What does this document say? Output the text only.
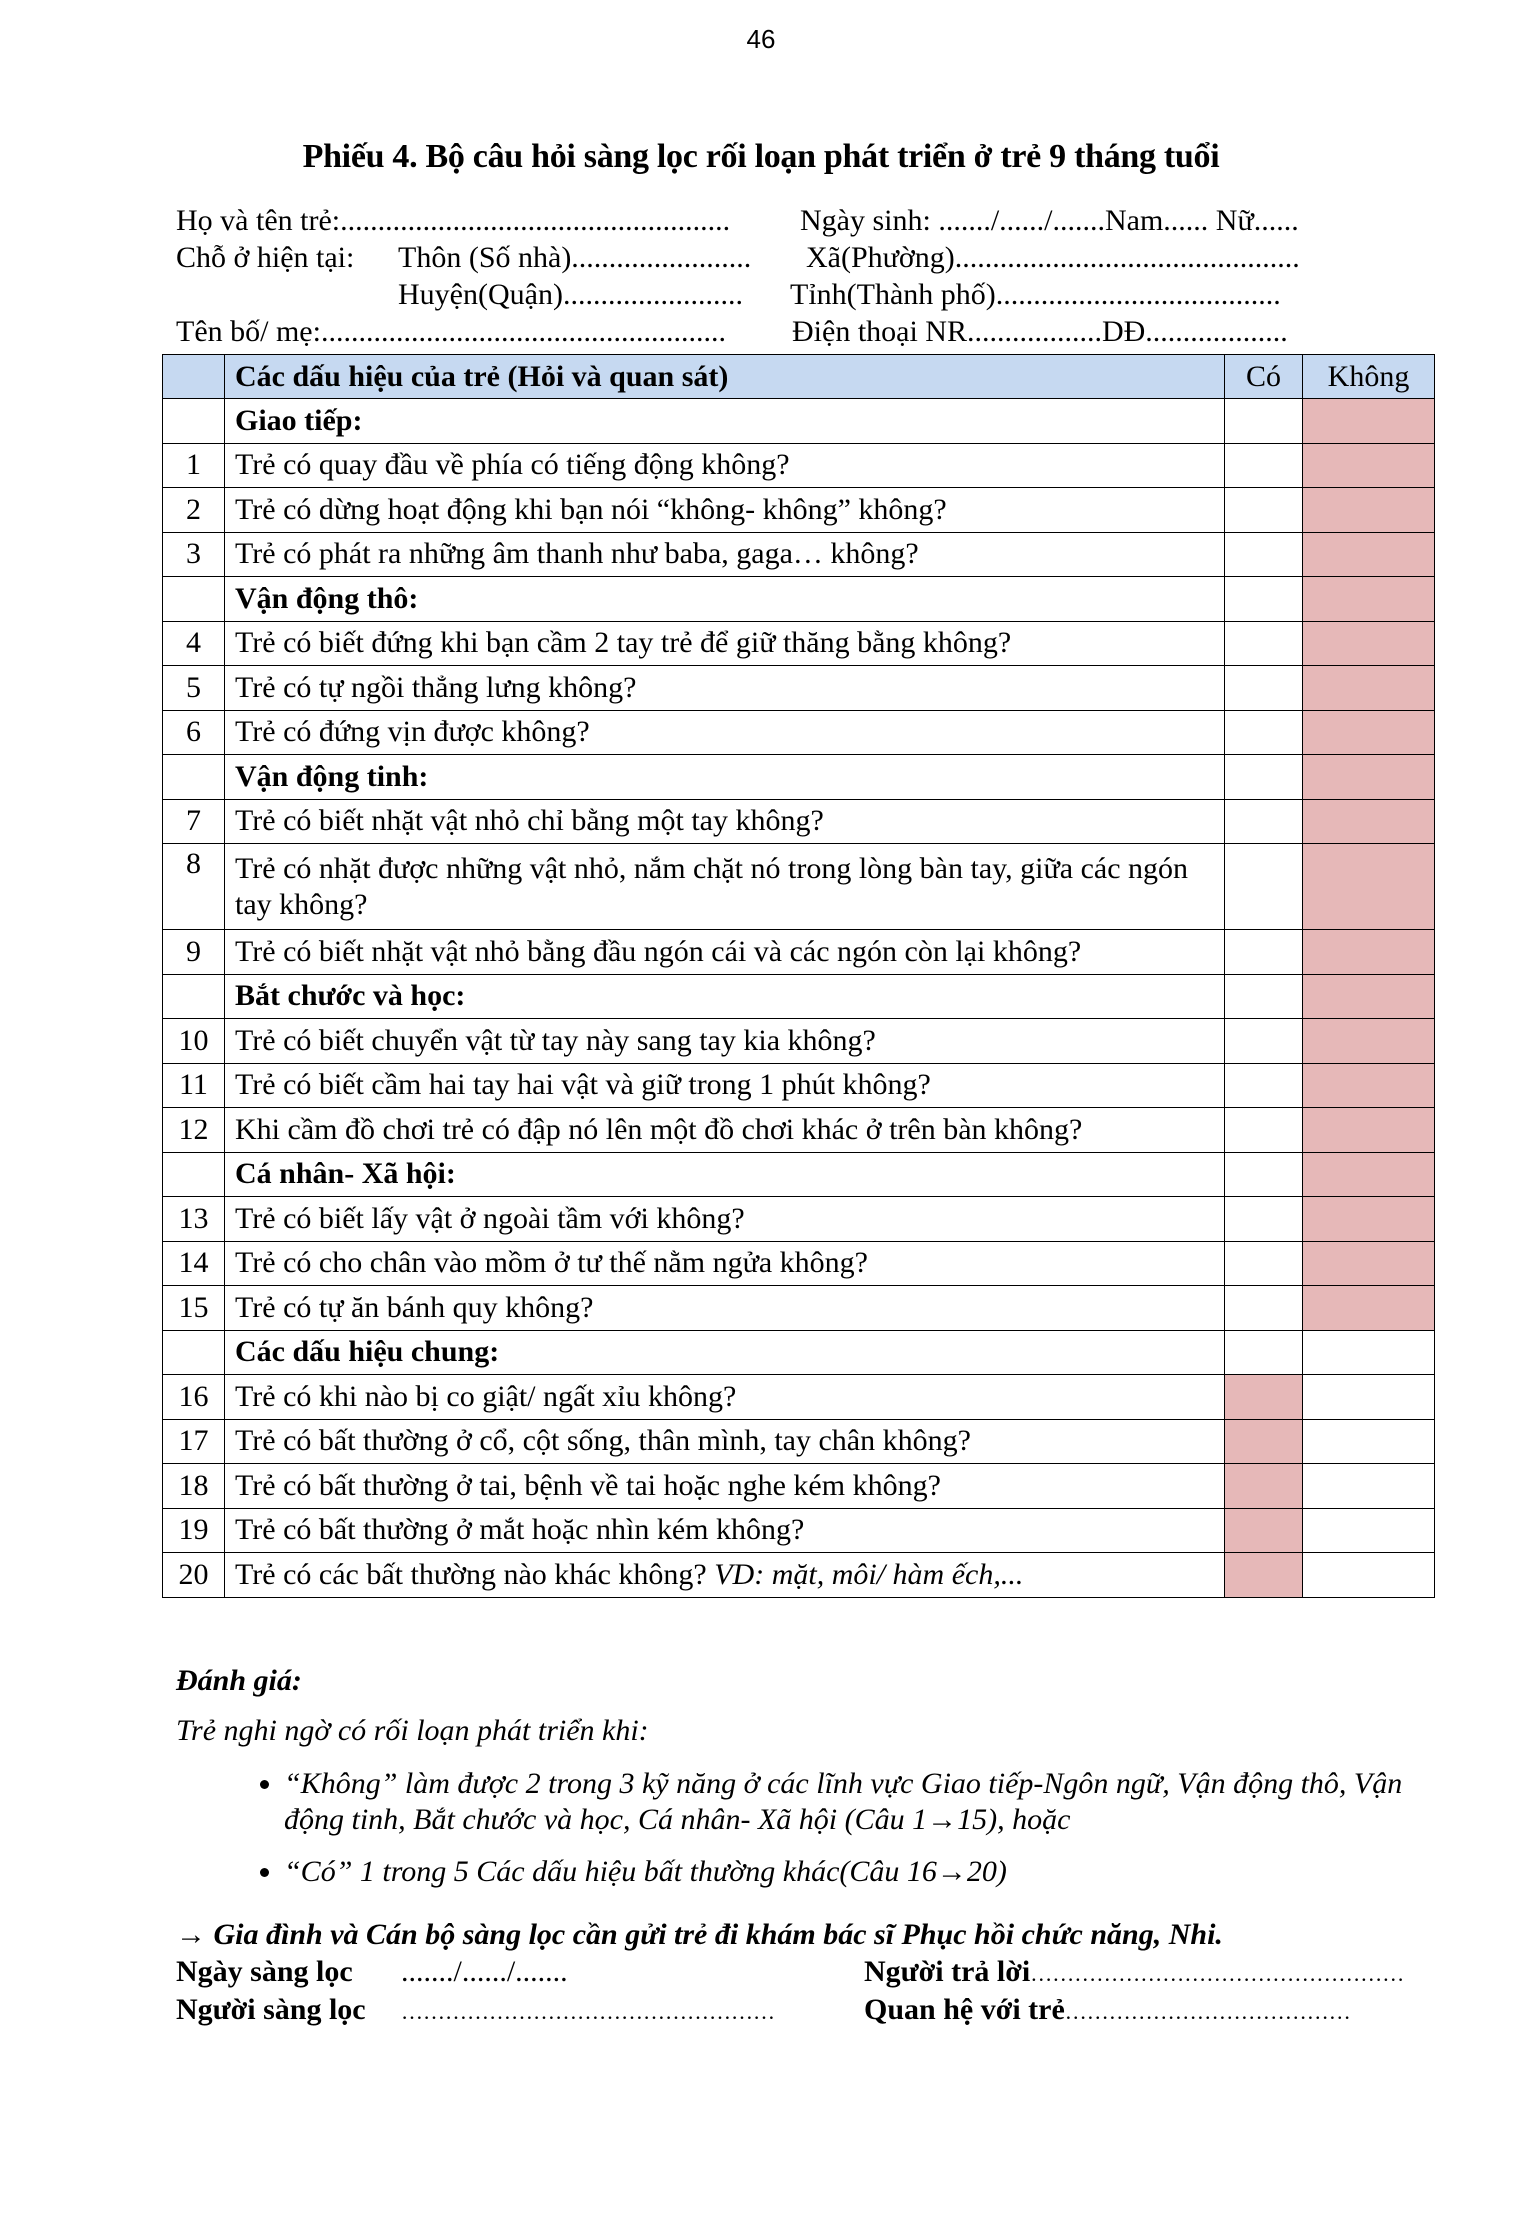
46
Phiếu 4. Bộ câu hỏi sàng lọc rối loạn phát triển ở trẻ 9 tháng tuổi
Họ và tên trẻ:.................................................... Ngày sinh: ......./....../.......Nam...... Nữ......
Chỗ ở hiện tại: Thôn (Số nhà)........................ Xã(Phường)..............................................
Huyện(Quận)........................ Tỉnh(Thành phố)......................................
Tên bố/ mẹ:...................................................... Điện thoại NR..................DĐ...................
	Các dấu hiệu của trẻ (Hỏi và quan sát)	Có	Không
	Giao tiếp:		
1	Trẻ có quay đầu về phía có tiếng động không?		
2	Trẻ có dừng hoạt động khi bạn nói “không- không” không?		
3	Trẻ có phát ra những âm thanh như baba, gaga… không?		
	Vận động thô:		
4	Trẻ có biết đứng khi bạn cầm 2 tay trẻ để giữ thăng bằng không?		
5	Trẻ có tự ngồi thẳng lưng không?		
6	Trẻ có đứng vịn được không?		
	Vận động tinh:		
7	Trẻ có biết nhặt vật nhỏ chỉ bằng một tay không?		
8	Trẻ có nhặt được những vật nhỏ, nắm chặt nó trong lòng bàn tay, giữa các ngón tay không?		
9	Trẻ có biết nhặt vật nhỏ bằng đầu ngón cái và các ngón còn lại không?		
	Bắt chước và học:		
10	Trẻ có biết chuyển vật từ tay này sang tay kia không?		
11	Trẻ có biết cầm hai tay hai vật và giữ trong 1 phút không?		
12	Khi cầm đồ chơi trẻ có đập nó lên một đồ chơi khác ở trên bàn không?		
	Cá nhân- Xã hội:		
13	Trẻ có biết lấy vật ở ngoài tầm với không?		
14	Trẻ có cho chân vào mồm ở tư thế nằm ngửa không?		
15	Trẻ có tự ăn bánh quy không?		
	Các dấu hiệu chung:		
16	Trẻ có khi nào bị co giật/ ngất xỉu không?		
17	Trẻ có bất thường ở cổ, cột sống, thân mình, tay chân không?		
18	Trẻ có bất thường ở tai, bệnh về tai hoặc nghe kém không?		
19	Trẻ có bất thường ở mắt hoặc nhìn kém không?		
20	Trẻ có các bất thường nào khác không? VD: mặt, môi/ hàm ếch,...		
Đánh giá:
Trẻ nghi ngờ có rối loạn phát triển khi:
• “Không” làm được 2 trong 3 kỹ năng ở các lĩnh vực Giao tiếp-Ngôn ngữ, Vận động thô, Vận động tinh, Bắt chước và học, Cá nhân- Xã hội (Câu 1→15), hoặc
• “Có” 1 trong 5 Các dấu hiệu bất thường khác(Câu 16→20)
→ Gia đình và Cán bộ sàng lọc cần gửi trẻ đi khám bác sĩ Phục hồi chức năng, Nhi.
Ngày sàng lọc ......./....../.......	Người trả lời……………………………………………
Người sàng lọc ……………………………………………	Quan hệ với trẻ…………………………………
